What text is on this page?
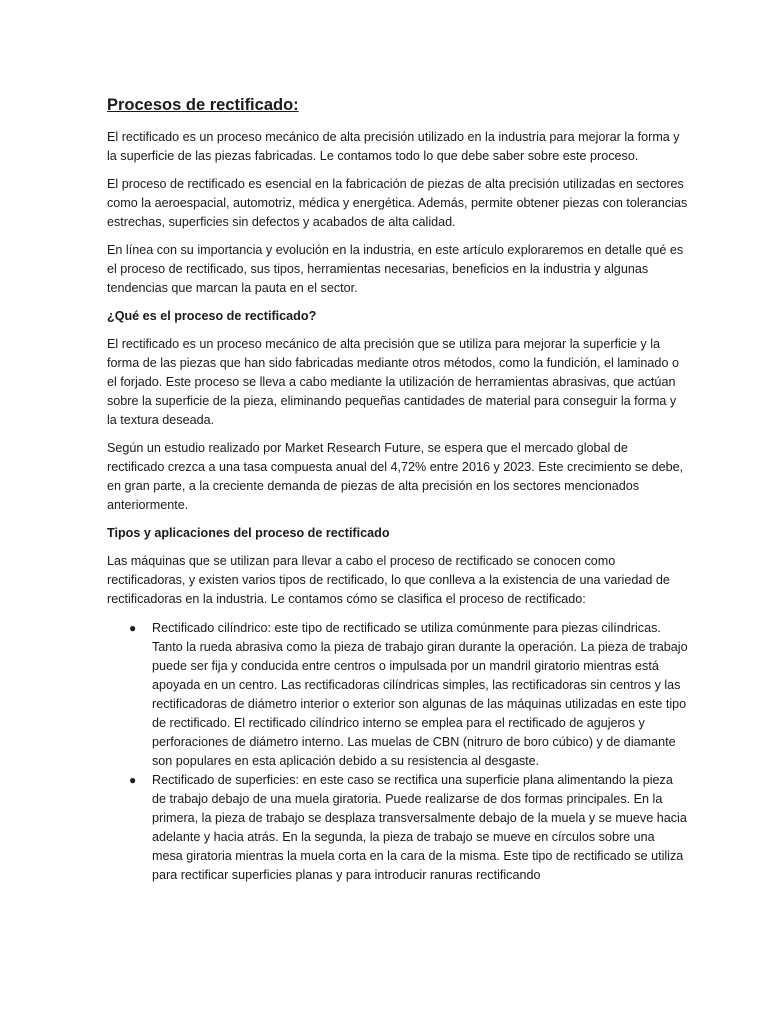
Procesos de rectificado:

El rectificado es un proceso mecánico de alta precisión utilizado en la industria para mejorar la forma y la superficie de las piezas fabricadas. Le contamos todo lo que debe saber sobre este proceso.

El proceso de rectificado es esencial en la fabricación de piezas de alta precisión utilizadas en sectores como la aeroespacial, automotriz, médica y energética. Además, permite obtener piezas con tolerancias estrechas, superficies sin defectos y acabados de alta calidad.

En línea con su importancia y evolución en la industria, en este artículo exploraremos en detalle qué es el proceso de rectificado, sus tipos, herramientas necesarias, beneficios en la industria y algunas tendencias que marcan la pauta en el sector.

¿Qué es el proceso de rectificado?

El rectificado es un proceso mecánico de alta precisión que se utiliza para mejorar la superficie y la forma de las piezas que han sido fabricadas mediante otros métodos, como la fundición, el laminado o el forjado. Este proceso se lleva a cabo mediante la utilización de herramientas abrasivas, que actúan sobre la superficie de la pieza, eliminando pequeñas cantidades de material para conseguir la forma y la textura deseada.

Según un estudio realizado por Market Research Future, se espera que el mercado global de rectificado crezca a una tasa compuesta anual del 4,72% entre 2016 y 2023. Este crecimiento se debe, en gran parte, a la creciente demanda de piezas de alta precisión en los sectores mencionados anteriormente.

Tipos y aplicaciones del proceso de rectificado

Las máquinas que se utilizan para llevar a cabo el proceso de rectificado se conocen como rectificadoras, y existen varios tipos de rectificado, lo que conlleva a la existencia de una variedad de rectificadoras en la industria. Le contamos cómo se clasifica el proceso de rectificado:

● Rectificado cilíndrico: este tipo de rectificado se utiliza comúnmente para piezas cilíndricas. Tanto la rueda abrasiva como la pieza de trabajo giran durante la operación. La pieza de trabajo puede ser fija y conducida entre centros o impulsada por un mandril giratorio mientras está apoyada en un centro. Las rectificadoras cilíndricas simples, las rectificadoras sin centros y las rectificadoras de diámetro interior o exterior son algunas de las máquinas utilizadas en este tipo de rectificado. El rectificado cilíndrico interno se emplea para el rectificado de agujeros y perforaciones de diámetro interno. Las muelas de CBN (nitruro de boro cúbico) y de diamante son populares en esta aplicación debido a su resistencia al desgaste.
● Rectificado de superficies: en este caso se rectifica una superficie plana alimentando la pieza de trabajo debajo de una muela giratoria. Puede realizarse de dos formas principales. En la primera, la pieza de trabajo se desplaza transversalmente debajo de la muela y se mueve hacia adelante y hacia atrás. En la segunda, la pieza de trabajo se mueve en círculos sobre una mesa giratoria mientras la muela corta en la cara de la misma. Este tipo de rectificado se utiliza para rectificar superficies planas y para introducir ranuras rectificando
